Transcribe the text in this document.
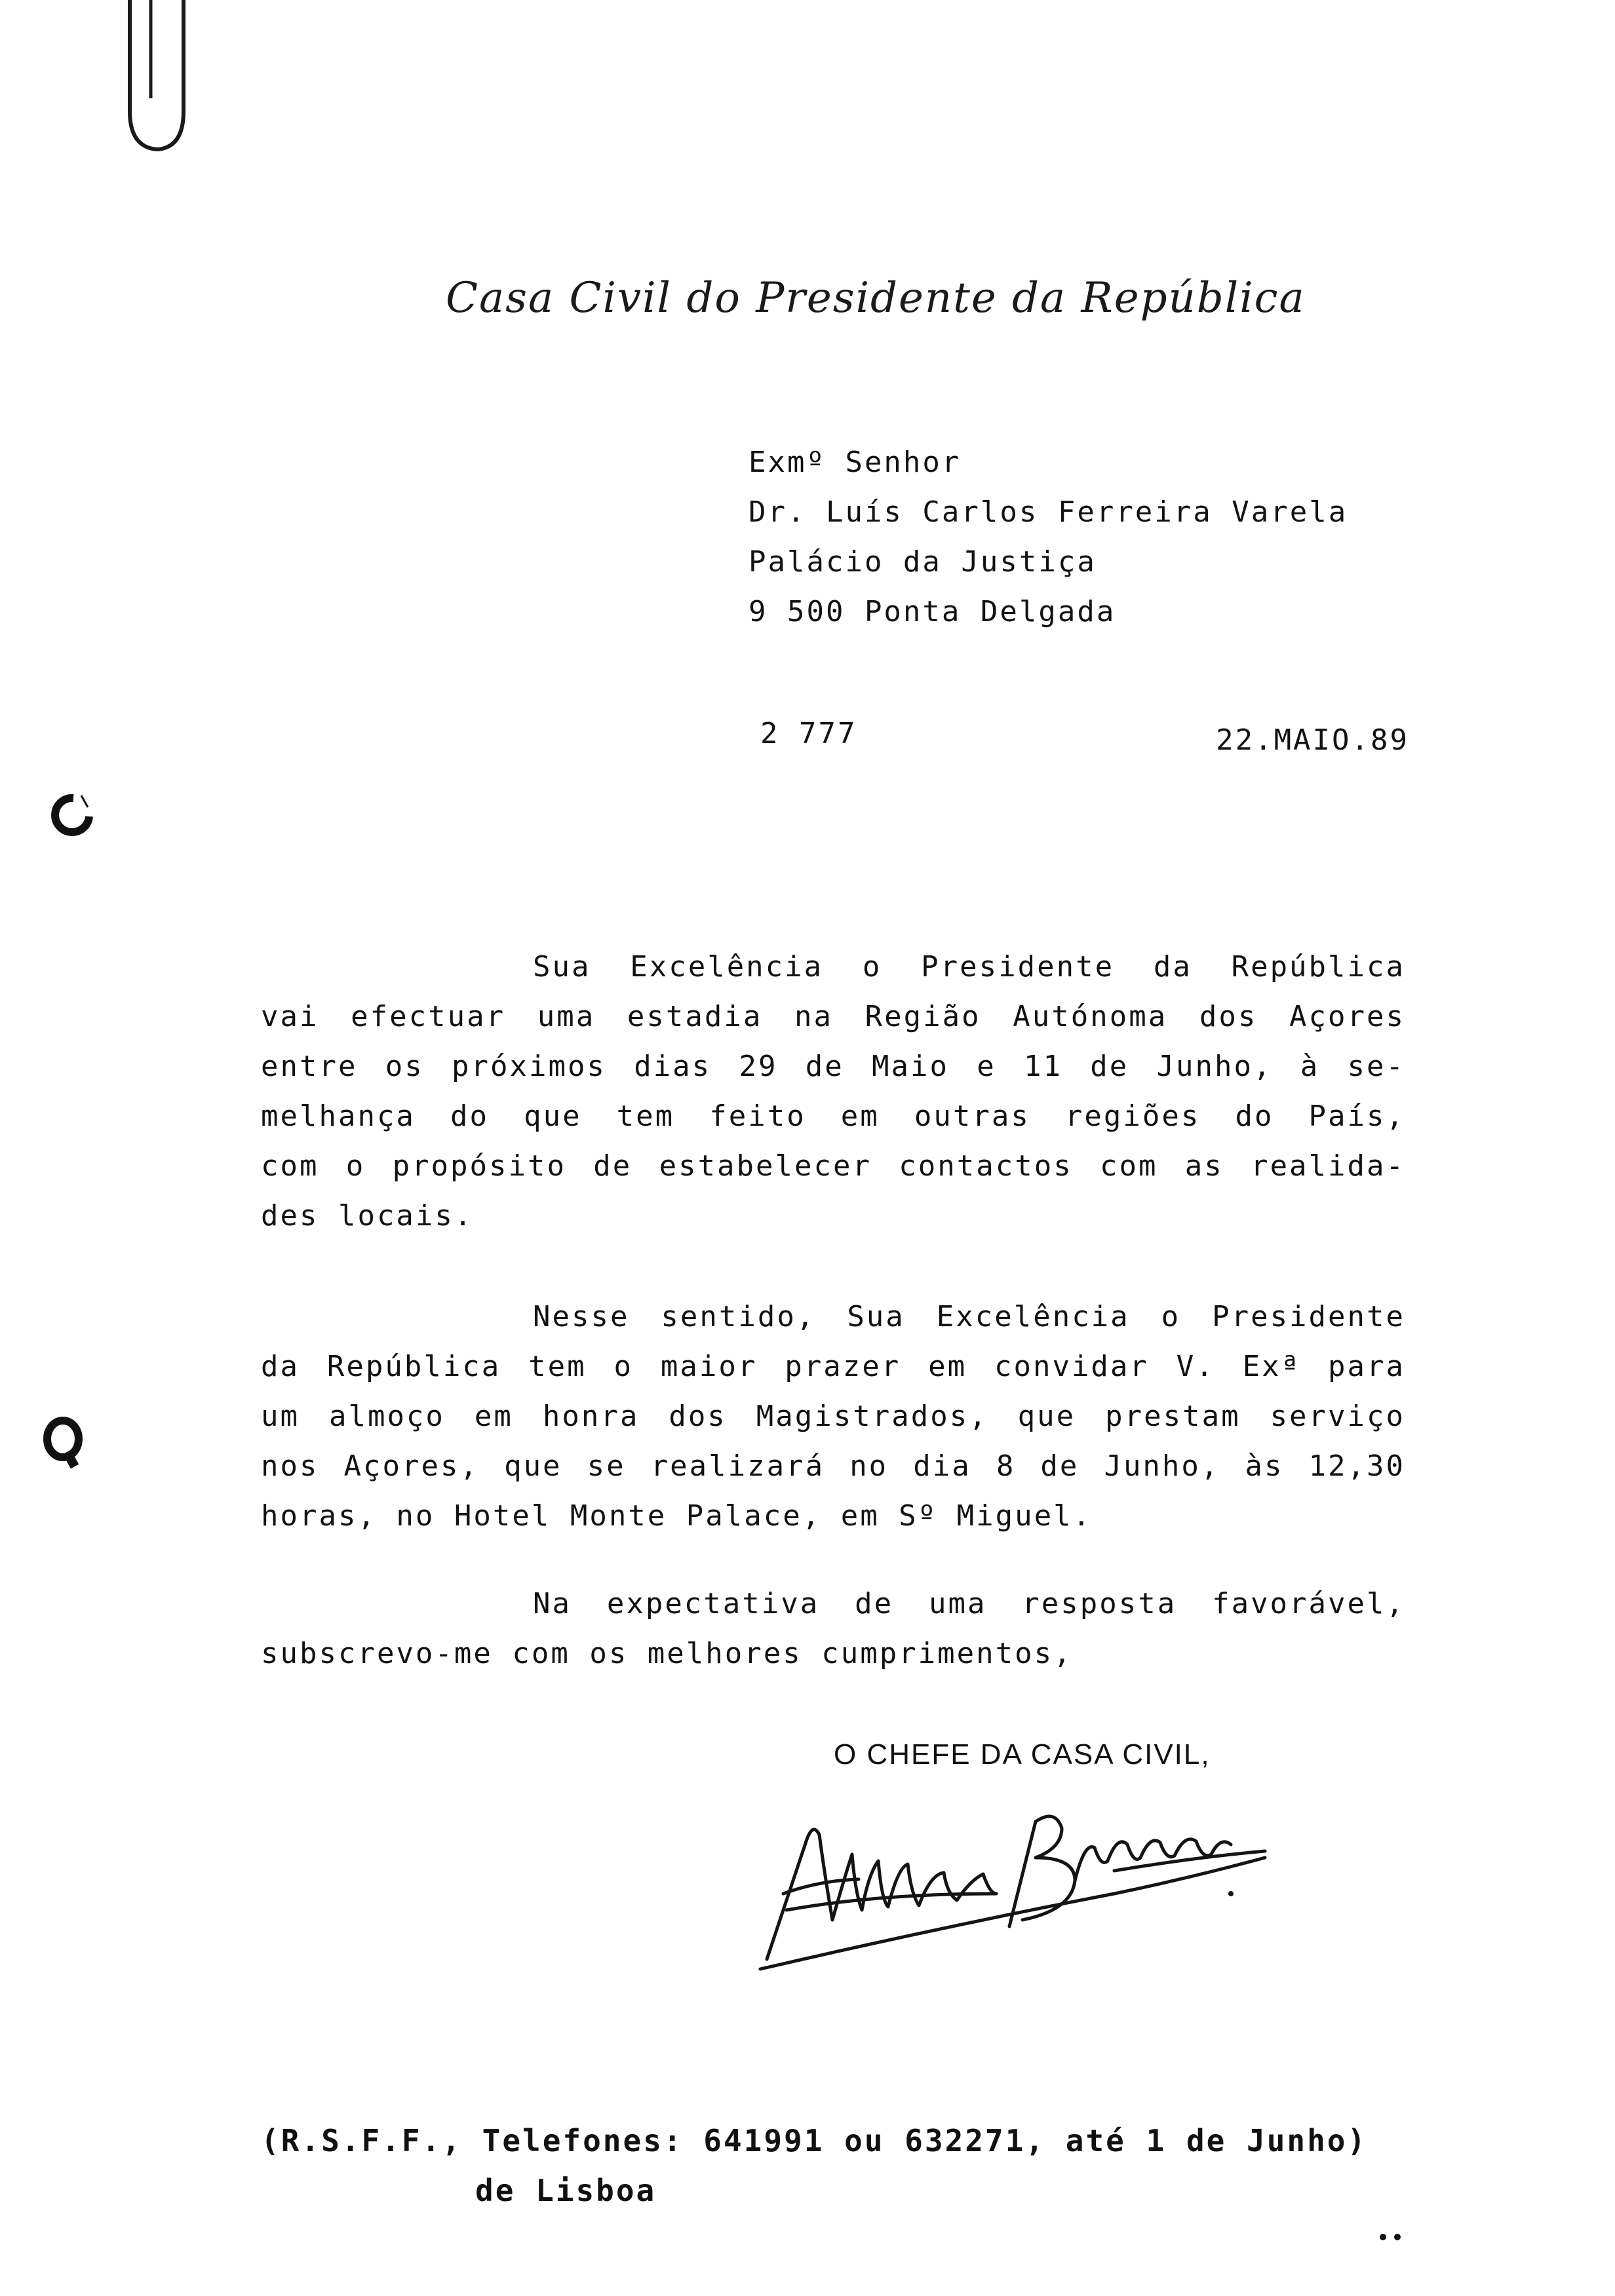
Casa Civil do Presidente da República
Exmº Senhor
Dr. Luís Carlos Ferreira Varela
Palácio da Justiça
9 500 Ponta Delgada
2 777	22.MAIO.89
Sua Excelência o Presidente da República
vai efectuar uma estadia na Região Autónoma dos Açores
entre os próximos dias 29 de Maio e 11 de Junho, à se-
melhança do que tem feito em outras regiões do País,
com o propósito de estabelecer contactos com as realida-
des locais.
Nesse sentido, Sua Excelência o Presidente
da República tem o maior prazer em convidar V. Exª para
um almoço em honra dos Magistrados, que prestam serviço
nos Açores, que se realizará no dia 8 de Junho, às 12,30
horas, no Hotel Monte Palace, em Sº Miguel.
Na expectativa de uma resposta favorável,
subscrevo-me com os melhores cumprimentos,
O CHEFE DA CASA CIVIL,
(R.S.F.F., Telefones: 641991 ou 632271, até 1 de Junho)
de Lisboa
